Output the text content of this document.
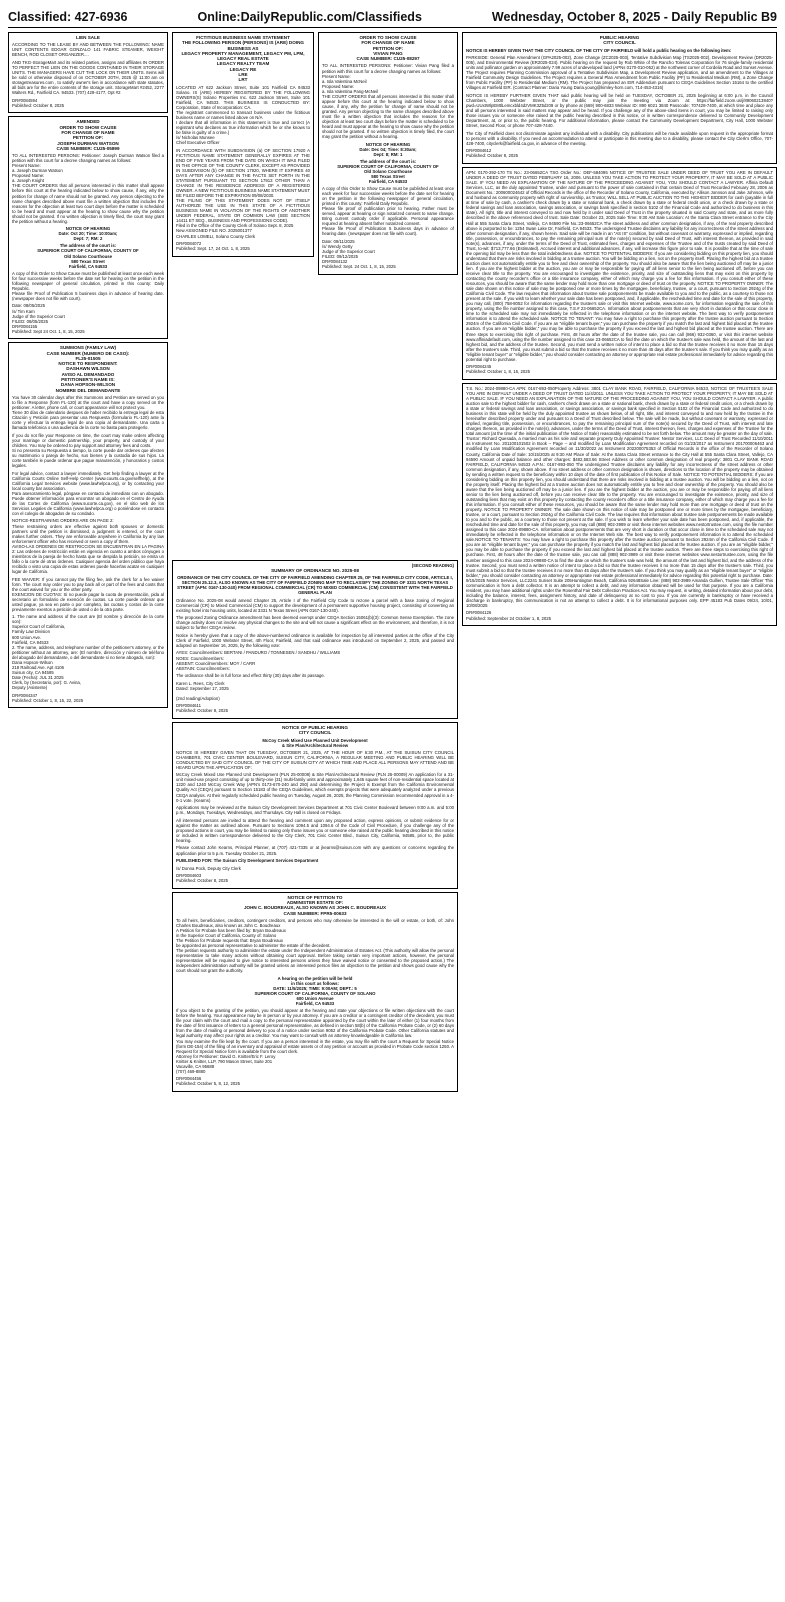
Classified: 427-6936	Online:DailyRepublic.com/Classifieds	Wednesday, October 8, 2025 - Daily Republic B9
LIEN SALE
ACCORDING TO THE LEASE BY AND BETWEEN THE FOLLOWING: NAME UNIT CONTENTS EDGAR GONZALO 141 FABRIC STEAMER, WEIGHT BENCH, ROD CLOSET ORGANIZER....
AND TKG-StorageMart and its related parties, assigns and affiliates IN ORDER TO PERFECT THE LIEN ON THE GOODS CONTAINED IN THEIR STORAGE UNITS. THE MANAGERS HAVE CUT THE LOCK ON THEIR UNITS. Items will be sold or otherwise disposed of on OCTOBER 20TH, 2025 @ 11:00 am on storagetreasures.com , to satisfy owner's lien in accordance with state statutes, all bids are for the entire contents of the storage unit. StorageMart #2452, 2277 Walters Rd., Fairfield CA. 94533. (707) 429-4177, Opt #2
DR#0084594
Published: October 8, 2025
AMENDED
ORDER TO SHOW CAUSE
FOR CHANGE OF NAME
PETITION OF:
JOSEPH DURMAN WATSON
CASE NUMBER: CU25-05899
TO ALL INTERESTED PERSONS: Petitioner: Joseph Durman Watson filed a petition with this court for a decree changing names as follows:
Present Name:
a. Joseph Durman Watson
Proposed Name:
a. Joseph Knight
THE COURT ORDERS that all persons interested in this matter shall appear before this court at the hearing indicated below to show cause, if any, why the petition for change of name should not be granted. Any person objecting to the name changes described above must file a written objection that includes the reasons for the objection at least two court days before the matter is scheduled to be heard and must appear at the hearing to show cause why the petition should not be granted. If no written objection is timely filed, the court may grant the petition without a hearing.
NOTICE OF HEARING
Date: Oct 20; Time: 10:00am;
Dept: 7; RM: 2
The address of the court is:
SUPERIOR COURT OF CALIFORNIA, COUNTY OF
Old Solano Courthouse
580 Texas Street
Fairfield, CA 94533
A copy of this Order to Show Cause must be published at least once each week for four successive weeks before the date set for hearing on the petition in the following newspaper of general circulation, printed in this county: Daily Republic.
Please file Proof of Publication 5 business days in advance of hearing date. (newspaper does not file with court).
Date: 08/05/2025
/s/ Tim Kam
Judge of the Superior Court
FILED: 08/05/2025
DR#0084155
Published: Sept 24 Oct. 1, 8, 15, 2025
SUMMONS (FAMILY LAW)
CASE NUMBER (NUMERO DE CASO):
FL25-01505
NOTICE TO RESPONDENT:
DASHAWN WILSON
AVISO AL DEMANDADO
PETITIONER'S NAME IS:
DANA HOPSON-WILSON
NOMBRE DEL DEMANDANTE
You have 30 calendar days after this Summons and Petition are served on you to file a Response (form FL-120) at the court and have a copy served on the petitioner. A letter, phone call, or court appearance will not protect you.
Tiene 30 días de calendario despues de haber recibido la entrega legal de esta Citación y Petición para presentar una Respuesta (formulario FL-120) ante la corte y efectuar la entrega legal de una copia al demandante. Una carta o llamada telefonica o una audiencia de la corte no basta para protegerlo.
If you do not file your Response on time, the court may make orders affecting your marriage or domestic partnership, your property, and custody of your children. You may be ordered to pay support and attorney fees and costs.
Si no presenta su Respuesta a tiempo, la corte puede dar ordenes que afecten su matrimonio o pareja de hecho, sus bienes y la custodia de sus hijos. La corte también le puede ordenar que pague manutención, y honorarios y costos legales.
For legal advice, contact a lawyer immediately. Get help finding a lawyer at the California Courts Online Self-Help Center (www.courts.ca.gov/selfhelp), at the California Legal Services website (www.lawhelpca.org), or by contacting your local county bar association.
Para asesoramiento legal, póngase en contacto de inmediato con un abogado. Puede obtener información para encontrar un abogado en el Centro de Ayuda de las Cortes de California (www.sucorte.ca.gov), en el sitio web de los Servicios Legales de California (www.lawhelpca.org) o poniéndose en contacto con el colegio de abogados de su condado.
NOTICE-RESTRAINING ORDERS ARE ON PAGE 2:
These restraining orders are effective against both spouses or domestic partners until the petition is dismissed, a judgment is entered, or the court makes further orders. They are enforceable anywhere in California by any law enforcement officer who has received or seen a copy of them.
AVISO-LAS ORDENES DE RESTRICCION SE ENCUENTRAN EN LA PAGINA 2: Las ordenes de restricción están en vigencia en cuanto a ambos cónyuges o miembros de la pareja de hecho hasta que se despida la petición, se emita un fallo o la corte dé otras órdenes. Cualquier agencia del orden público que haya recibido o visto una copia de estas ordenes puede hacerlas acatar en cualquier lugar de California.
FEE WAIVER: If you cannot pay the filing fee, ask the clerk for a fee waiver form. The court may order you to pay back all or part of the fees and costs that the court waived for you or the other party.
EXENCION DE CUOTAS: Si no puede pagar la cuota de presentación, pida al secretario un formulario de exención de cuotas. La corte puede ordenar que usted pague, ya sea en parte o por completo, las cuotas y costos de la corte previamente exentos a petición de usted o de la otra parte.
1. The name and address of the court are (El nombre y dirección de la corte son):
Superior Court of California,
Family Law Division
600 Union Ave.
Fairfield, CA 94533
2. The name, address, and telephone number of the petitioner's attorney, or the petitioner without an attorney, are: (El nombre, dirección y número de teléfono del abogado del demandante, o del demandante si no tiene abogado, son):
Dana Hopson-Wilson
218 Railroad Ave. Apt 4106
Suisun city, CA 94585
Date (Fecha): JUL 31 2025
Clerk, by (Secretario, por): G. Avina,
Deputy (Asistente)
DR#0084347
Published: October 1, 8, 15, 22, 2025
FICTITIOUS BUSINESS NAME STATEMENT
THE FOLLOWING PERSON (PERSONS) IS (ARE) DOING BUSINESS AS
LEGACY PROPERTY MANAGEMENT, LEGACY PM, LPM, LEGACY REAL ESTATE
LEGACY REALTY TEAM
LEGACY RE
LRE
LRT
LOCATED AT 622 Jackson Street, Suite 101 Fairfield CA 94533 Solano. IS (ARE) HEREBY REGISTERED BY THE FOLLOWING OWNERS(S) Solano Properties Inc. 622 Jackson Street, Suite 101 Fairfield, CA 94533. THIS BUSINESS IS CONDUCTED BY: Corporation, State of Incorporation: CA.
The registrant commenced to transact business under the fictitious business name or names listed above on N/A
I declare that all information in this statement is true and correct (A registrant who declares as true information which he or she knows to be false is guilty of a crime.)
/s/ Nicholas Munsee
Chief Executive Officer
IN ACCORDANCE WITH SUBDIVISION (a) OF SECTION 17920 A FICTITIOUS NAME STATEMENT GENERALLY EXPIRES AT THE END OF FIVE YEARS FROM THE DATE ON WHICH IT WAS FILED IN THE OFFICE OF THE COUNTY CLERK, EXCEPT AS PROVIDED IN SUBDIVISION (b) OF SECTION 17920, WHERE IT EXPIRES 40 DAYS AFTER ANY CHANGE IN THE FACTS SET FORTH IN THE STATEMENT PURSUANT TO SECTION 17913 OTHER THAN A CHANGE IN THE RESIDENCE ADDRESS OF A REGISTERED OWNER. A NEW FICTITIOUS BUSINESS NAME STATEMENT MUST BE FILED BEFORE THE EXPIRATION 09/08/2030.
THE FILING OF THIS STATEMENT DOES NOT OF ITSELF AUTHORIZE THE USE IN THIS STATE OF A FICTITIOUS BUSINESS NAME IN VIOLATION OF THE RIGHTS OF ANOTHER UNDER FEDERAL, STATE OR COMMON LAW (SEE SECTION 14411 ET SEQ., BUSINESS AND PROFESSIONS CODE).
Filed in the Office of the County Clerk of Solano Sept. 8, 2025
New ASSIGNED FILE NO. 2025001377
CHARLES LOMELI, Solano County Clerk
DR#0084072
Published: Sept. 17, 24 Oct. 1, 8, 2025
ORDER TO SHOW CAUSE
FOR CHANGE OF NAME
PETITION OF:
VIVIAN PANG
CASE NUMBER: CU25-08297
TO ALL INTERESTED PERSONS: Petitioner: Vivian Pang filed a petition with this court for a decree changing names as follows:
Present Name:
a. Isla Valentina McNeil
Proposed Name:
a. Isla Valentina Pang-McNeil
THE COURT ORDERS that all persons interested in this matter shall appear before this court at the hearing indicated below to show cause, if any, why the petition for change of name should not be granted. Any person objecting to the name changes described above must file a written objection that includes the reasons for the objection at least two court days before the matter is scheduled to be heard and must appear at the hearing to show cause why the petition should not be granted. If no written objection is timely filed, the court may grant the petition without a hearing.
NOTICE OF HEARING
Date: Dec 04; Time: 8:30am;
Dept: 8; RM: 1
The address of the court is:
SUPERIOR COURT OF CALIFORNIA, COUNTY OF
Old Solano Courthouse
580 Texas Street
Fairfield, CA 94533
A copy of this Order to Show Cause must be published at least once each week for four successive weeks before the date set for hearing on the petition in the following newspaper of general circulation, printed in this county: Fairfield Daily Republic.
Please file proof of publication prior to hearing. Father must be served, appear at hearing or sign notarized consent to name change. Bring current custody order if applicable. Personal appearance required at hearing absent father notarized consent.
Please file Proof of Publication 5 business days in advance of hearing date. (newspaper does not file with court).
Date: 09/11/2025
/s/ Wendy Getty
Judge of the Superior Court
FILED: 09/12/2025
DR#0084132
Published: Sept. 24 Oct. 1, 8, 15, 2025
(SECOND READING)
SUMMARY OF ORDINANCE NO. 2025-08
ORDINANCE OF THE CITY COUNCIL OF THE CITY OF FAIRFIELD AMENDING CHAPTER 25, OF THE FAIRFIELD CITY CODE, ARTICLE I, SECTION 25.12.3, ALSO KNOWN AS THE CITY OF FAIRFIELD ZONING MAP TO RECLASSIFY THE ZONING OF 3331 NORTH TEXAS STREET (APN: 0167-130-240) FROM REGIONAL COMMERCIAL (CR) TO MIXED COMMERCIAL (CM) CONSISTENT WITH THE FAIRFIELD GENERAL PLAN
Ordinance No. 2025-08 would amend Chapter 25, Article I of the Fairfield City Code to rezone a parcel with a base zoning of Regional Commercial (CR) to Mixed Commercial (CM) to support the development of a permanent supportive housing project, consisting of converting an existing hotel into housing units, located at 3331 N Texas Street (APN 0167-130-240).
The proposed Zoning Ordinance amendment has been deemed exempt under CEQA Section 15061(b)(3): Common Sense Exemption. The zone change activity does not involve any physical changes to the site and will not cause a significant effect on the environment, and therefore, it is not subject to further CEQA review.
Notice is hereby given that a copy of the above-numbered ordinance is available for inspection by all interested parties at the office of the City Clerk of Fairfield, 1000 Webster Street, 4th Floor, Fairfield, and that said ordinance was introduced on September 2, 2025, and passed and adopted on September 16, 2025, by the following vote:
AYES: Councilmembers: BERTANI / PANDURO / TONNESEN / SANDHU / WILLIAMS
NOES: Councilmembers:
ABSENT: Councilmembers: MOY / CARR
ABSTAIN: Councilmembers:
The ordinance shall be in full force and effect thirty (30) days after its passage.
Karen L. Rees, City Clerk
Dated: September 17, 2025

(2nd reading/Adoption)
DR#0084611
Published: October 8, 2025
NOTICE OF PUBLIC HEARING
CITY COUNCIL
McCoy Creek Mixed Use Planned Unit Development
& Site Plan/Architectural Review
NOTICE IS HEREBY GIVEN THAT ON TUESDAY, OCTOBER 21, 2025, AT THE HOUR OF 6:30 P.M., AT THE SUISUN CITY COUNCIL CHAMBERS, 701 CIVIC CENTER BOULEVARD, SUISUN CITY, CALIFORNIA, A REGULAR MEETING AND PUBLIC HEARING WILL BE CONDUCTED BY SAID CITY COUNCIL OF THE CITY OF SUISUN CITY AT WHICH TIME AND PLACE ALL PERSONS MAY ATTEND AND BE HEARD UPON THE APPLICATION OF:
McCoy Creek Mixed Use Planned Unit Development (PLN 25-00008) & Site Plan/Architectural Review (PLN 25-00009) An application for a 31-unit mixed-use project consisting of up to thirty-one (31) multi-family units and approximately 1,645 square feet of non-residential space located at 1220 and 1240 McCoy Creek Way (APN's 0173-670-240 and 250) and determining the Project is Exempt from the California Environmental Quality Act (CEQA) pursuant to Section 15183 of the CEQA Guidelines, which exempts projects that were adequately analyzed under a previous CEQA analysis. At their regularly scheduled public hearing on Tuesday, August 26, 2025, the Planning Commission recommended approval in a 4-0-1 vote. (Kearns)
Applications may be reviewed at the Suisun City Development Services Department at 701 Civic Center Boulevard between 9:00 a.m. and 5:00 p.m., Mondays, Tuesdays, Wednesdays, and Thursdays. City Hall is closed on Fridays.
All interested persons are invited to attend the hearing and comment upon any proposed action, express opinions, or submit evidence for or against the matter as outlined above. Pursuant to Sections 1094.5 and 1094.6 of the Code of Civil Procedure, if you challenge any of the proposed actions in court, you may be limited to raising only those issues you or someone else raised at the public hearing described in this notice or included in written correspondence delivered to the City Clerk, 701 Civic Center Blvd., Suisun City, California, 94585, prior to, the public hearing.
Please contact John Kearns, Principal Planner, at (707) 421-7335 or at jkearns@suisun.com with any questions or concerns regarding the application prior to 5 p.m. Tuesday October 21, 2025.
PUBLISHED FOR: The Suisun City Development Services Department
/s/ Donna Pock, Deputy City Clerk
DR#0084603
Published: October 8, 2025
NOTICE OF PETITION TO
ADMINISTER ESTATE OF:
JOHN C. BOUDREAUX, ALSO KNOWN AS JOHN C. BOUDREAUX
CASE NUMBER: FPR5-00633
To all heirs, beneficiaries, creditors, contingent creditors, and persons who may otherwise be interested in the will or estate, or both, of: John Charles Boudreaux, also known as John C. Boudreaux
A Petition for Probate has been filed by: Bryan Boudreaux
in the Superior Court of California, County of: Solano
The Petition for Probate requests that: Bryan Boudreaux
be appointed as personal representative to administer the estate of the decedent.
The petition requests authority to administer the estate under the Independent Administration of Estates Act. (This authority will allow the personal representative to take many actions without obtaining court approval. Before taking certain very important actions, however, the personal representative will be required to give notice to interested persons unless they have waived notice or consented to the proposed action.) The independent administration authority will be granted unless an interested person files an objection to the petition and shows good cause why the court should not grant the authority.
A hearing on the petition will be held
in this court as follows:
DATE: 11/5/2025; TIME: 9:00AM; DEPT.: 5
SUPERIOR COURT OF CALIFORNIA, COUNTY OF SOLANO
600 Union Avenue
Fairfield, CA 94533
If you object to the granting of the petition, you should appear at the hearing and state your objections or file written objections with the court before the hearing. Your appearance may be in person or by your attorney. If you are a creditor or a contingent creditor of the decedent, you must file your claim with the court and mail a copy to the personal representative appointed by the court within the later of either (1) four months from the date of first issuance of letters to a general personal representative, as defined in section 58(b) of the California Probate Code, or (2) 60 days from the date of mailing or personal delivery to you of a notice under section 9052 of the California Probate Code. Other California statutes and legal authority may affect your rights as a creditor. You may want to consult with an attorney knowledgeable in California law.
You may examine the file kept by the court. If you are a person interested in the estate, you may file with the court a Request for Special Notice (form DE-154) of the filing of an inventory and appraisal of estate assets or of any petition or account as provided in Probate Code section 1250. A Request for Special Notice form is available from the court clerk.
Attorney for Petitioner: David G. Knitter/Eric F. Leroy
Knitter & Knitter, LLP, 790 Mason Street, Suite 201
Vacaville, CA 95688
(707) 469-8880
DR#0084456
Published: October 5, 8, 12, 2025
PUBLIC HEARING
CITY COUNCIL
NOTICE IS HEREBY GIVEN THAT THE CITY COUNCIL OF THE CITY OF FAIRFIELD will hold a public hearing on the following item:
PARKSIDE: General Plan Amendment (GPA2025-002), Zone Change (ZC2025-003), Tentative Subdivision Map (TS2025-002), Development Review (DR2025-005), and Environmental Review (ER2025-024). Public hearing on the request by Rob White of the Rancho Tolenas Corporation for 76 single-family residential units and pollinator garden on approximately 7.99 acres of undeveloped land (APNs 0170-010-052) at the northwest corner of Cordelia Road and Sunset Avenue. The Project requires Planning Commission approval of a Tentative Subdivision Map, a Development Review application, and an amendment to the Villages at Fairfield Community Design Guidelines. The Project requires a General Plan Amendment from Public Facility (PF) to Residential Medium (RM), a Zone Change from Public Facility (PF) to Residential Medium (RM). The Project has prepared an EIR Addendum pursuant to CEQA Guidelines Section 15164 to the certified Villages at Fairfield EIR. (Contract Planner: Daria Young Daria.young@kimley-horn.com, 714-453-4316)
NOTICE IS HEREBY FURTHER GIVEN THAT said public hearing will be held on TUESDAY, OCTOBER 21, 2025 beginning at 6:00 p.m. in the Council Chambers, 1000 Webster Street, or the public may join the meeting via Zoom at: https://fairfield.zoom.us/j/89060213840?pwd=UUxtWlpEMtlLemcxbld4dzVMK3Z5dz09 or by phone at (669) 900-6833 Webinar ID: 890 6021 3840 Passcode: 707428-7400, at which time and place any and all persons interested in said matters may appear and be heard. If you challenge any of the above-cited items in court, you may be limited to raising only those issues you or someone else raised at the public hearing described in this notice, or in written correspondence delivered to Community Development Department, at, or prior to, the public hearing. For additional information, please contact the Community Development Department, City Hall, 1000 Webster Street, Second Floor, or phone 707-428-7440.
The City of Fairfield does not discriminate against any individual with a disability. City publications will be made available upon request in the appropriate format to persons with a disability. If you need an accommodation to attend or participate in this meeting due to a disability, please contact the City Clerk's Office, 707-428-7400, cityclerk@fairfield.ca.gov, in advance of the meeting.
DR#0084612
Published: October 8, 2025
APN: 0170-292-170 TS No.: 23-06652CA TSG Order No.: DEF-584095 NOTICE OF TRUSTEE SALE UNDER DEED OF TRUST YOU ARE IN DEFAULT UNDER A DEED OF TRUST DATED FEBRUARY 16, 2006. UNLESS YOU TAKE ACTION TO PROTECT YOUR PROPERTY, IT MAY BE SOLD AT A PUBLIC SALE. IF YOU NEED AN EXPLANATION OF THE NATURE OF THE PROCEEDING AGAINST YOU, YOU SHOULD CONTACT A LAWYER. Affinia Default Services, LLC, as the duly appointed Trustee, under and pursuant to the power of sale contained in that certain Deed of Trust Recorded February 28, 2006 as Document No.: 200600024642 of Official Records in the office of the Recorder of Solano County, California, executed by: Allison Jonnson and Jake Johnson, wife and husband as community property with right of survivorship, as Trustor, WILL SELL AT PUBLIC AUCTION TO THE HIGHEST BIDDER for cash (payable in full at time of sale by cash, a cashier's check drawn by a state or national bank, a check drawn by a state or federal credit union, or a check drawn by a state or federal savings and loan association, savings association, or savings bank specified in section 5102 of the Financial Code and authorized to do business in this state). All right, title and interest conveyed to and now held by it under said Deed of Trust in the property situated in said County and state, and as more fully described in the above referenced deed of trust. Sale Date: October 23, 2025 Sale Time: 9:30 AM Sale Location: At the Santa Clara Street entrance to the City Hall at 555 Santa Clara Street, Vallejo, CA 94590 File No.:23-06652CA The street address and other common designation, if any, of the real property described above is purported to be: 1254 Swan Lake Dr, Fairfield, CA 94533. The undersigned Trustee disclaims any liability for any incorrectness of the street address and other common designation, if any, shown herein. Said sale will be made in an "AS IS" condition, but without covenant or warranty, expressed or implied, regarding title, possession, or encumbrances, to pay the remaining principal sum of the note(s) secured by said Deed of Trust, with interest thereon, as provided in said note(s), advances, if any, under the terms of the Deed of Trust, estimated fees, charges and expenses of the Trustee and of the trusts created by said Deed of Trust, to-wit: $713,777.66 (Estimated). Accrued interest and additional advances, if any, will increase this figure prior to sale. It is possible that at the time of sale the opening bid may be less than the total indebtedness due. NOTICE TO POTENTIAL BIDDERS: If you are considering bidding on this property lien, you should understand that there are risks involved in bidding at a trustee auction. You will be bidding on a lien, not on the property itself. Placing the highest bid at a trustee auction does not automatically entitle you to free and clear ownership of the property. You should also be aware that the lien being auctioned off may be a junior lien. If you are the highest bidder at the auction, you are or may be responsible for paying off all liens senior to the lien being auctioned off, before you can receive clear title to the property. You are encouraged to investigate the existence, priority, and size of outstanding liens that may exist on this property by contacting the county recorder's office or a title insurance company, either of which may charge you a fee for this information. If you consult either of these resources, you should be aware that the same lender may hold more than one mortgage or deed of trust on the property. NOTICE TO PROPERTY OWNER: The sale date shown on this notice of sale may be postponed one or more times by the mortgagee, beneficiary, trustee, or a court, pursuant to Section 2924g of the California Civil Code. The law requires that information about trustee sale postponements be made available to you and to the public, as a courtesy to those not present at the sale. If you wish to learn whether your sale date has been postponed, and, if applicable, the rescheduled time and date for the sale of this property, you may call, (800) 758-8052 for information regarding the trustee's sale or visit this Internet website, www.xome.com, for information regarding the sale of this property, using the file number assigned to this case, T.S.# 23-06652CA. Information about postponements that are very short in duration or that occur close in time to the scheduled sale may not immediately be reflected in the telephone information or on the internet website. The best way to verify postponement information is to attend the scheduled sale. NOTICE TO TENANT: You may have a right to purchase this property after the trustee auction pursuant to Section 2924m of the California Civil Code. If you are an "eligible tenant buyer," you can purchase the property if you match the last and highest bid placed at the trustee auction. If you are an "eligible bidder," you may be able to purchase the property if you exceed the last and highest bid placed at the trustee auction. There are three steps to exercising this right of purchase. First, 48 hours after the date of the trustee sale, you can call (866) 932-0360, or visit this internet website www.affiniadefault.com, using the file number assigned to this case 23-06652CA to find the date on which the trustee's sale was held, the amount of the last and highest bid, and the address of the trustee. Second, you must send a written notice of intent to place a bid so that the trustee receives it no more than 15 days after the trustee's sale. Third, you must submit a bid so that the trustee receives it no more than 45 days after the trustee's sale. If you think you may qualify as an "eligible tenant buyer" or "eligible bidder," you should consider contacting an attorney or appropriate real estate professional immediately for advice regarding this potential right to purchase.
DR#0084245
Published: October 1, 8, 15, 2025
T.S. No.: 2024-09880-CA APN: 0167-893-050Property Address: 3801 CLAY BANK ROAD, FAIRFIELD, CALIFORNIA 94533, NOTICE OF TRUSTEE'S SALE YOU ARE IN DEFAULT UNDER A DEED OF TRUST DATED 11/4/2011. UNLESS YOU TAKE ACTION TO PROTECT YOUR PROPERTY, IT MAY BE SOLD AT A PUBLIC SALE. IF YOU NEED AN EXPLANATION OF THE NATURE OF THE PROCEEDING AGAINST YOU, YOU SHOULD CONTACT A LAWYER. A public auction sale to the highest bidder for cash, cashier's check drawn on a state or national bank, check drawn by a state or federal credit union, or a check drawn by a state or federal savings and loan association, or savings association, or savings bank specified in Section 5102 of the Financial Code and authorized to do business in this state will be held by the duly appointed trustee as shown below, of all right, title, and interest conveyed to and now held by the trustee in the hereinafter described property under and pursuant to a Deed of Trust described below. The sale will be made, but without covenant or warranty, expressed or implied, regarding title, possession, or encumbrances, to pay the remaining principal sum of the note(s) secured by the Deed of Trust, with interest and late charges thereon, as provided in the note(s), advances, under the terms of the Deed of Trust, interest thereon, fees, charges and expenses of the Trustee for the total amount (at the time of the initial publication of the Notice of Sale) reasonably estimated to be set forth below. The amount may be greater on the day of sale. Trustor: Richard Quesada, a married man as his sole and separate property Duly Appointed Trustee: Nestor Services, LLC Deed of Trust Recorded 11/10/2011 as Instrument No. 201100101502 in Book -- Page -- and modified by Loan Modification Agreement recorded on 01/23/2017 as Instrument 201700006463 and modified by Loan Modification Agreement recorded on 11/30/2022 as Instrument 202200075353 of Official Records in the office of the Recorder of Solano County, California Date of Sale: 10/15/2025 at 9:30 AM Place of Sale: At the Santa Clara Street entrance to the City Hall at 555 Santa Clara Street, Vallejo, CA 94590 Amount of unpaid balance and other charges: $482,583.66 Street Address or other common designation of real property: 3801 CLAY BANK ROAD FAIRFIELD, CALIFORNIA 94533 A.P.N.: 0167-893-050 The undersigned Trustee disclaims any liability for any incorrectness of the street address or other common designation, if any, shown above. If no street address or other common designation is shown, directions to the location of the property may be obtained by sending a written request to the beneficiary within 10 days of the date of first publication of this Notice of Sale. NOTICE TO POTENTIAL BIDDERS: If you are considering bidding on this property lien, you should understand that there are risks involved in bidding at a trustee auction. You will be bidding on a lien, not on the property itself. Placing the highest bid at a trustee auction does not automatically entitle you to free and clear ownership of the property. You should also be aware that the lien being auctioned off may be a junior lien. If you are the highest bidder at the auction, you are or may be responsible for paying off all liens senior to the lien being auctioned off, before you can receive clear title to the property. You are encouraged to investigate the existence, priority, and size of outstanding liens that may exist on this property by contacting the county recorder's office or a title insurance company, either of which may charge you a fee for this information. If you consult either of these resources, you should be aware that the same lender may hold more than one mortgage or deed of trust on the property. NOTICE TO PROPERTY OWNER: The sale date shown on this notice of sale may be postponed one or more times by the mortgagee, beneficiary, trustee, or a court, pursuant to Section 2924g of the California Civil Code. The law requires that information about trustee sale postponements be made available to you and to the public, as a courtesy to those not present at the sale. If you wish to learn whether your sale date has been postponed, and, if applicable, the rescheduled time and date for the sale of this property, you may call (888) 902-3989 or visit these internet websites www.nestortrustee.com, using the file number assigned to this case 2024-09880-CA. Information about postponements that are very short in duration or that occur close in time to the scheduled sale may not immediately be reflected in the telephone information or on the Internet Web site. The best way to verify postponement information is to attend the scheduled sale.NOTICE TO TENANTS: You may have a right to purchase this property after the trustee auction pursuant to Section 2924m of the California Civil Code. If you are an "eligible tenant buyer," you can purchase the property if you match the last and highest bid placed at the trustee auction. If you are an "eligible bidder," you may be able to purchase the property if you exceed the last and highest bid placed at the trustee auction. There are three steps to exercising this right of purchase. First, 48 hours after the date of the trustee sale, you can call (888) 902-3989 or visit these internet websites www.nestortrustee.com, using the file number assigned to this case 2024-09880-CA to find the date on which the trustee's sale was held, the amount of the last and highest bid, and the address of the trustee. Second, you must send a written notice of intent to place a bid so that the trustee receives it no more than 15 days after the trustee's sale. Third, you must submit a bid so that the trustee receives it no more than 45 days after the trustee's sale. If you think you may qualify as an "eligible tenant buyer" or "eligible bidder," you should consider contacting an attorney or appropriate real estate professional immediately for advice regarding this potential right to purchase. Date: 9/15/2025 Nestor Services, LLC2241 Sunset Suite 205Huntington Beach, California 92648Sale Line: (888) 902-3989 Amanda Gullien, Trustee Sale Officer This communication is from a debt collector. It is an attempt to collect a debt, and any information obtained will be used for that purpose. If you are a California resident, you may have additional rights under the Rosenthal Fair Debt Collection Practices Act. You may request, in writing, detailed information about your debt, including the balance, interest, fees, assignment history, and date of delinquency at no cost to you. If you are currently in bankruptcy or have received a discharge in bankruptcy, this communication is not an attempt to collect a debt. It is for informational purposes only. EPP 45183 Pub Dates 09/24, 10/01, 10/08/2025
DR#0084126
Published: September 24 October 1, 8, 2025
